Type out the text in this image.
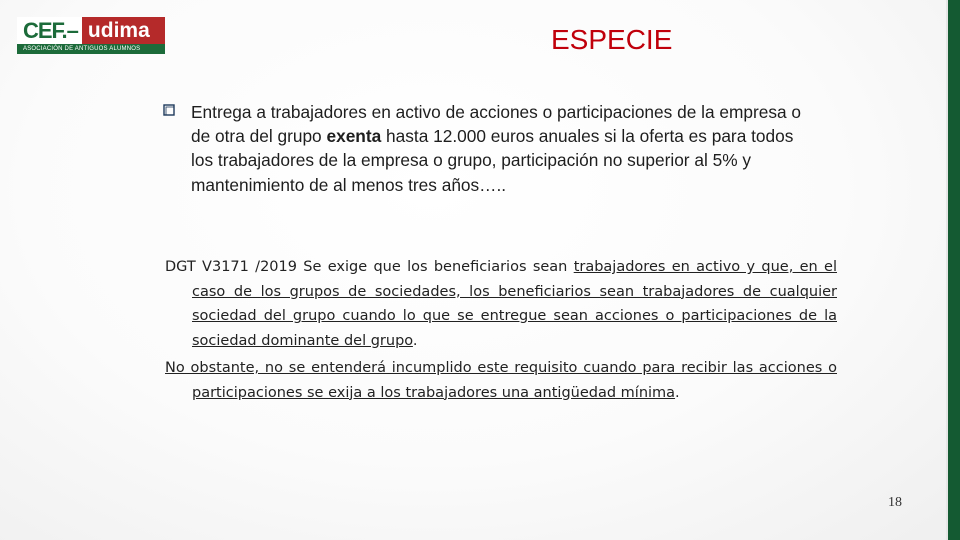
CEF.– udima
ASOCIACIÓN DE ANTIGUOS ALUMNOS	ESPECIE
Entrega a trabajadores en activo de acciones o participaciones de la empresa o de otra del grupo exenta hasta 12.000 euros anuales si la oferta es para todos los trabajadores de la empresa o grupo, participación no superior al 5% y mantenimiento de al menos tres años…..
DGT V3171 /2019 Se exige que los beneficiarios sean trabajadores en activo y que, en el caso de los grupos de sociedades, los beneficiarios sean trabajadores de cualquier sociedad del grupo cuando lo que se entregue sean acciones o participaciones de la sociedad dominante del grupo.
No obstante, no se entenderá incumplido este requisito cuando para recibir las acciones o participaciones se exija a los trabajadores una antigüedad mínima.
18
